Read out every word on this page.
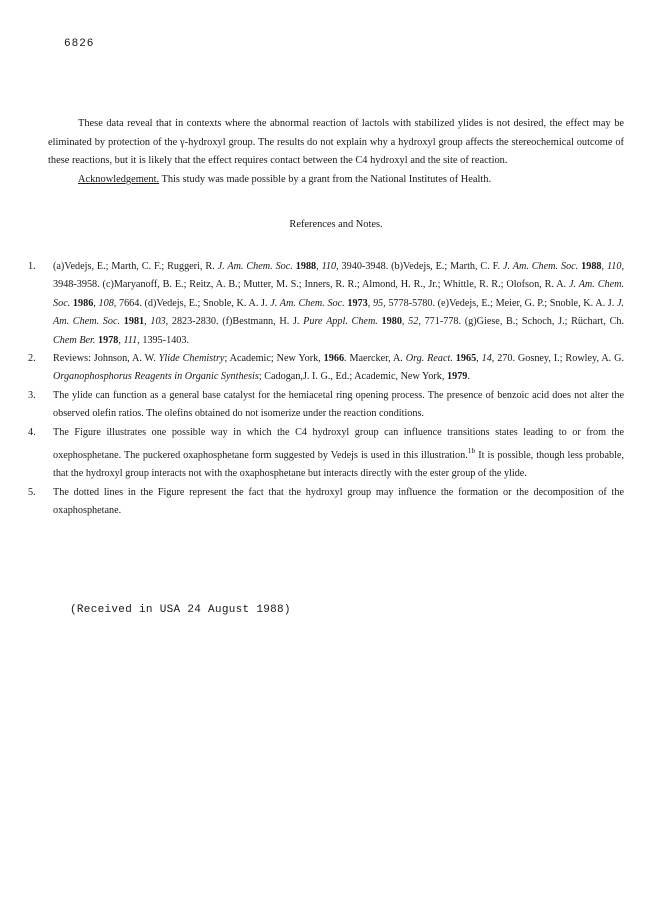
6826

These data reveal that in contexts where the abnormal reaction of lactols with stabilized ylides is not desired, the effect may be eliminated by protection of the γ-hydroxyl group. The results do not explain why a hydroxyl group affects the stereochemical outcome of these reactions, but it is likely that the effect requires contact between the C4 hydroxyl and the site of reaction.

Acknowledgement. This study was made possible by a grant from the National Institutes of Health.

References and Notes.
1. (a)Vedejs, E.; Marth, C. F.; Ruggeri, R. J. Am. Chem. Soc. 1988, 110, 3940-3948. (b)Vedejs, E.; Marth, C. F. J. Am. Chem. Soc. 1988, 110, 3948-3958. (c)Maryanoff, B. E.; Reitz, A. B.; Mutter, M. S.; Inners, R. R.; Almond, H. R., Jr.; Whittle, R. R.; Olofson, R. A. J. Am. Chem. Soc. 1986, 108, 7664. (d)Vedejs, E.; Snoble, K. A. J. J. Am. Chem. Soc. 1973, 95, 5778-5780. (e)Vedejs, E.; Meier, G. P.; Snoble, K. A. J. J. Am. Chem. Soc. 1981, 103, 2823-2830. (f)Bestmann, H. J. Pure Appl. Chem. 1980, 52, 771-778. (g)Giese, B.; Schoch, J.; Rüchart, Ch. Chem Ber. 1978, 111, 1395-1403.
2. Reviews: Johnson, A. W. Ylide Chemistry; Academic; New York, 1966. Maercker, A. Org. React. 1965, 14, 270. Gosney, I.; Rowley, A. G. Organophosphorus Reagents in Organic Synthesis; Cadogan,J. I. G., Ed.; Academic, New York, 1979.
3. The ylide can function as a general base catalyst for the hemiacetal ring opening process. The presence of benzoic acid does not alter the observed olefin ratios. The olefins obtained do not isomerize under the reaction conditions.
4. The Figure illustrates one possible way in which the C4 hydroxyl group can influence transitions states leading to or from the oxephosphetane. The puckered oxaphosphetane form suggested by Vedejs is used in this illustration.$^{1b}$ It is possible, though less probable, that the hydroxyl group interacts not with the oxaphosphetane but interacts directly with the ester group of the ylide.
5. The dotted lines in the Figure represent the fact that the hydroxyl group may influence the formation or the decomposition of the oxaphosphetane.
(Received in USA 24 August 1988)
